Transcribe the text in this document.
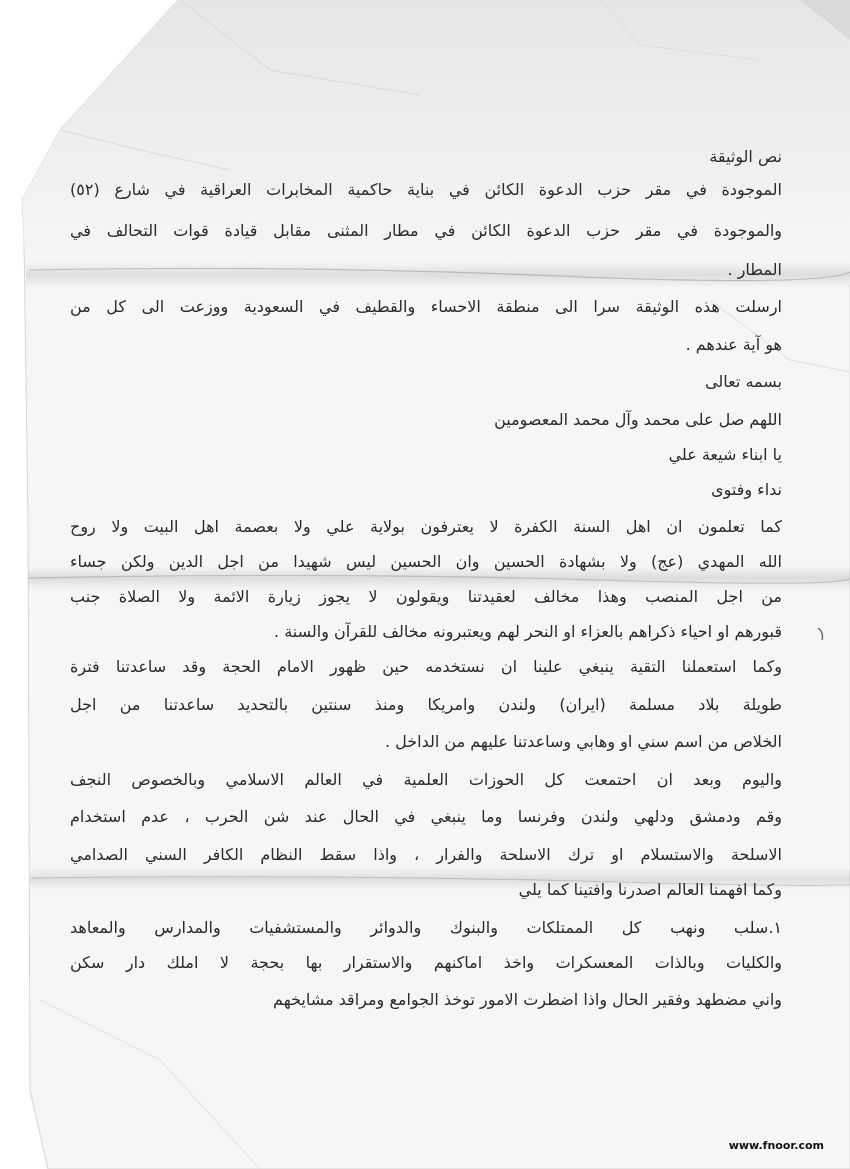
نص الوثيقة
الموجودة في مقر حزب الدعوة الكائن في بناية حاكمية المخابرات العراقية في شارع (٥٢)
والموجودة في مقر حزب الدعوة الكائن في مطار المثنى مقابل قيادة قوات التحالف في
المطار .
ارسلت هذه الوثيقة سرا الى منطقة الاحساء والقطيف في السعودية ووزعت الى كل من
هو آية عندهم .
بسمه تعالى
اللهم صل على محمد وآل محمد المعصومين
يا ابناء شيعة علي
نداء وفتوى
كما تعلمون ان اهل السنة الكفرة لا يعترفون بولاية علي ولا بعصمة اهل البيت ولا روح
الله المهدي (عج) ولا بشهادة الحسين وان الحسين ليس شهيدا من اجل الدين ولكن جساء
من اجل المنصب وهذا مخالف لعقيدتنا ويقولون لا يجوز زيارة الائمة ولا الصلاة جنب
قبورهم او احياء ذكراهم بالعزاء او النحر لهم ويعتبرونه مخالف للقرآن والسنة .
وكما استعملنا التقية ينبغي علينا ان نستخدمه حين ظهور الامام الحجة وقد ساعدتنا فترة
طويلة بلاد مسلمة (ايران) ولندن وامريكا ومنذ سنتين بالتحديد ساعدتنا من اجل
الخلاص من اسم سني او وهابي وساعدتنا عليهم من الداخل .
واليوم وبعد ان احتمعت كل الحوزات العلمية في العالم الاسلامي وبالخصوص النجف
وقم ودمشق ودلهي ولندن وفرنسا وما ينبغي في الحال عند شن الحرب ، عدم استخدام
الاسلحة والاستسلام او ترك الاسلحة والفرار ، واذا سقط النظام الكافر السني الصدامي
وكما افهمنا العالم اصدرنا وافتينا كما يلي
١.سلب ونهب كل الممتلكات والبنوك والدوائر والمستشفيات والمدارس والمعاهد
والكليات وبالذات المعسكرات واخذ اماكنهم والاستقرار بها بحجة لا املك دار سكن
واني مضطهد وفقير الحال واذا اضطرت الامور توخذ الجوامع ومراقد مشايخهم
www.fnoor.com
